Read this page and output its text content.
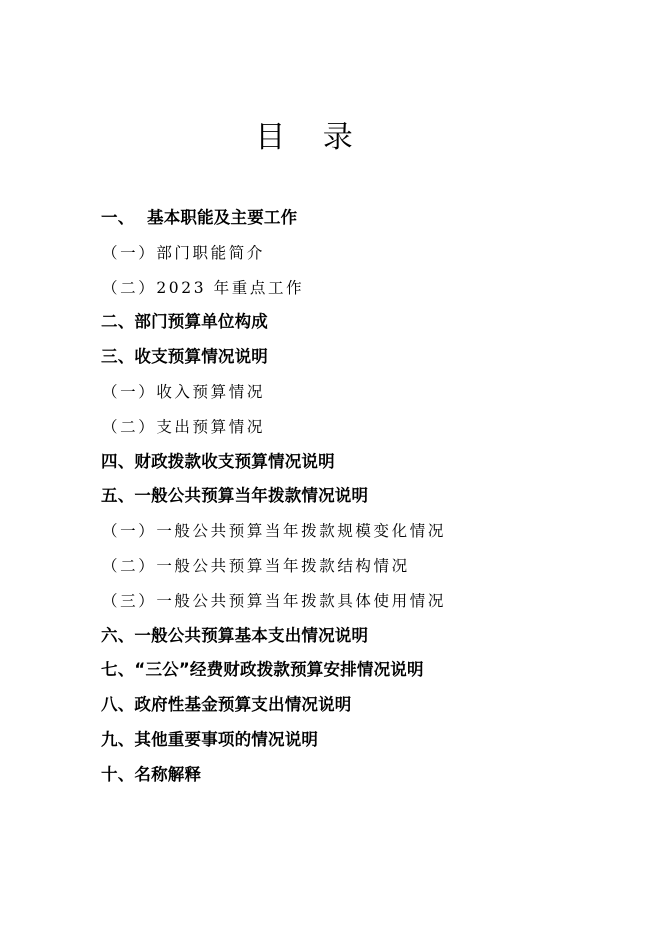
目 录
一、 基本职能及主要工作
（一）部门职能简介
（二）2023 年重点工作
二、部门预算单位构成
三、收支预算情况说明
（一）收入预算情况
（二）支出预算情况
四、财政拨款收支预算情况说明
五、一般公共预算当年拨款情况说明
（一）一般公共预算当年拨款规模变化情况
（二）一般公共预算当年拨款结构情况
（三）一般公共预算当年拨款具体使用情况
六、一般公共预算基本支出情况说明
七、“三公”经费财政拨款预算安排情况说明
八、政府性基金预算支出情况说明
九、其他重要事项的情况说明
十、名称解释
